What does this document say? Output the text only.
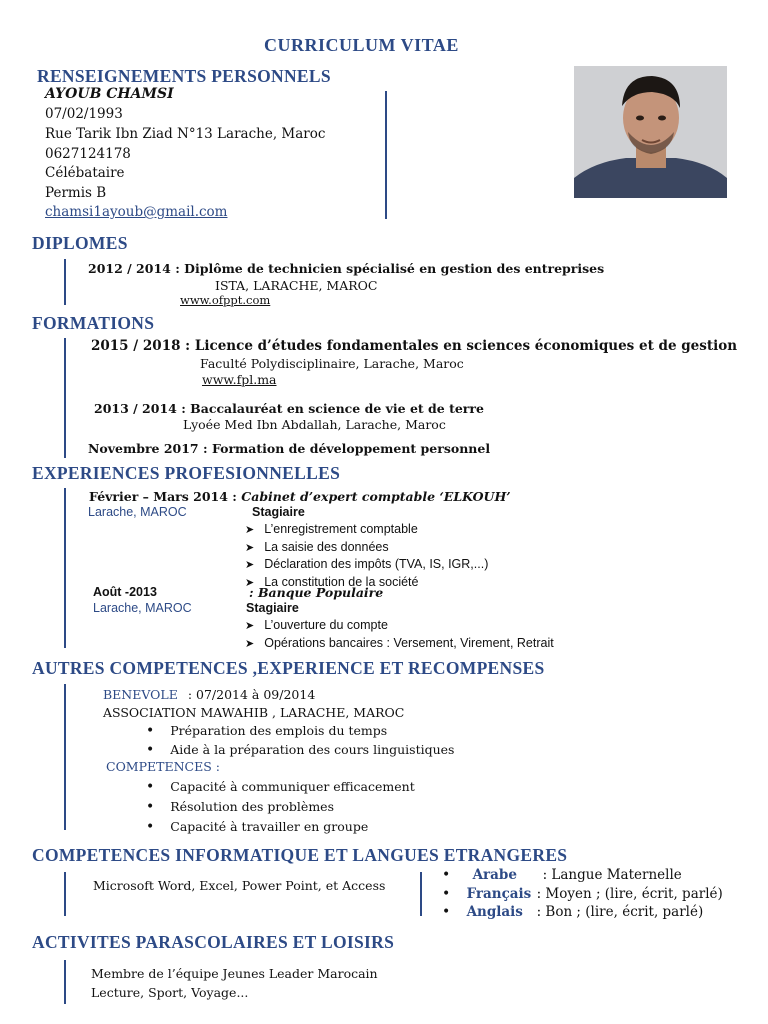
CURRICULUM VITAE
RENSEIGNEMENTS PERSONNELS
AYOUB CHAMSI
07/02/1993
Rue Tarik Ibn Ziad N°13 Larache, Maroc
0627124178
Célébataire
Permis B
chamsi1ayoub@gmail.com
DIPLOMES
2012 / 2014 : Diplôme de technicien spécialisé en gestion des entreprises
ISTA, LARACHE, MAROC
www.ofppt.com
FORMATIONS
2015 / 2018 : Licence d’études fondamentales en sciences économiques et de gestion
Faculté Polydisciplinaire, Larache, Maroc
www.fpl.ma
2013 / 2014 : Baccalauréat en science de vie et de terre
Lyoée Med Ibn Abdallah, Larache, Maroc
Novembre 2017 : Formation de développement personnel
EXPERIENCES PROFESIONNELLES
Février – Mars 2014 : Cabinet d’expert comptable ‘ELKOUH’
Larache, MAROC	Stagiaire
➤ L’enregistrement comptable
➤ La saisie des données
➤ Déclaration des impôts (TVA, IS, IGR,...)
➤ La constitution de la société
Août -2013	: Banque Populaire
Larache, MAROC	Stagiaire
➤ L’ouverture du compte
➤ Opérations bancaires : Versement, Virement, Retrait
AUTRES COMPETENCES ,EXPERIENCE ET RECOMPENSES
BENEVOLE : 07/2014 à 09/2014
ASSOCIATION MAWAHIB , LARACHE, MAROC
• Préparation des emplois du temps
• Aide à la préparation des cours linguistiques
COMPETENCES :
• Capacité à communiquer efficacement
• Résolution des problèmes
• Capacité à travailler en groupe
COMPETENCES INFORMATIQUE ET LANGUES ETRANGERES
Microsoft Word, Excel, Power Point, et Access
• Arabe : Langue Maternelle
• Français : Moyen ; (lire, écrit, parlé)
• Anglais : Bon ; (lire, écrit, parlé)
ACTIVITES PARASCOLAIRES ET LOISIRS
Membre de l’équipe Jeunes Leader Marocain
Lecture, Sport, Voyage...
